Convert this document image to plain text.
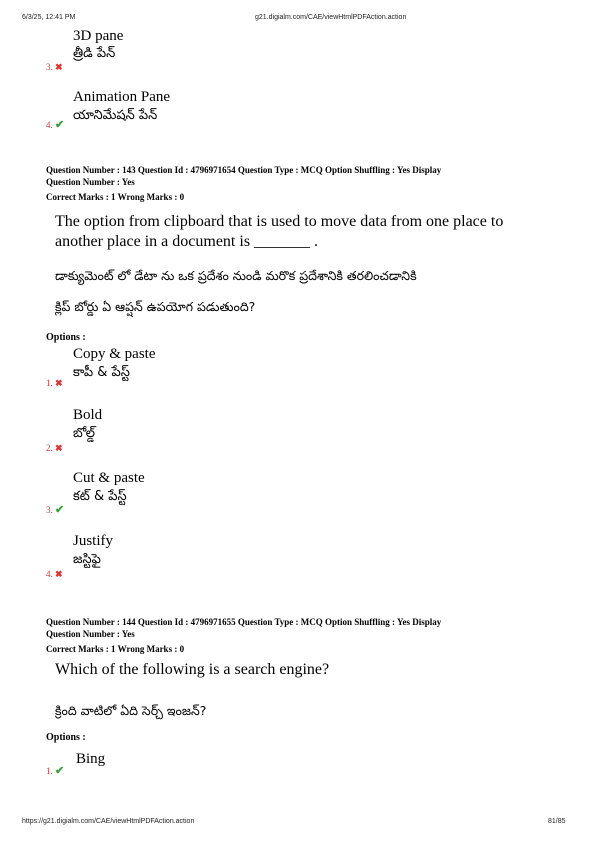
6/3/25, 12:41 PM	g21.digialm.com/CAE/viewHtmlPDFAction.action
3D pane
త్రీడి పేన్
3. ✖
Animation Pane
యానిమేషన్ పేన్
4. ✔
Question Number : 143 Question Id : 4796971654 Question Type : MCQ Option Shuffling : Yes Display
Question Number : Yes
Correct Marks : 1 Wrong Marks : 0
The option from clipboard that is used to move data from one place to
another place in a document is _______ .
డాక్యుమెంట్ లో డేటా ను ఒక ప్రదేశం నుండి మరొక ప్రదేశానికి తరలించడానికి
క్లిప్ బోర్డు ఏ ఆప్షన్ ఉపయోగ పడుతుంది?
Options :
Copy & paste
కాపీ & పేస్ట్
1. ✖
Bold
బోల్డ్
2. ✖
Cut & paste
కట్ & పేస్ట్
3. ✔
Justify
జస్టిఫై
4. ✖
Question Number : 144 Question Id : 4796971655 Question Type : MCQ Option Shuffling : Yes Display
Question Number : Yes
Correct Marks : 1 Wrong Marks : 0
Which of the following is a search engine?
క్రింది వాటిలో ఏది సెర్చ్ ఇంజన్?
Options :
Bing
1. ✔
https://g21.digialm.com/CAE/viewHtmlPDFAction.action	81/85
